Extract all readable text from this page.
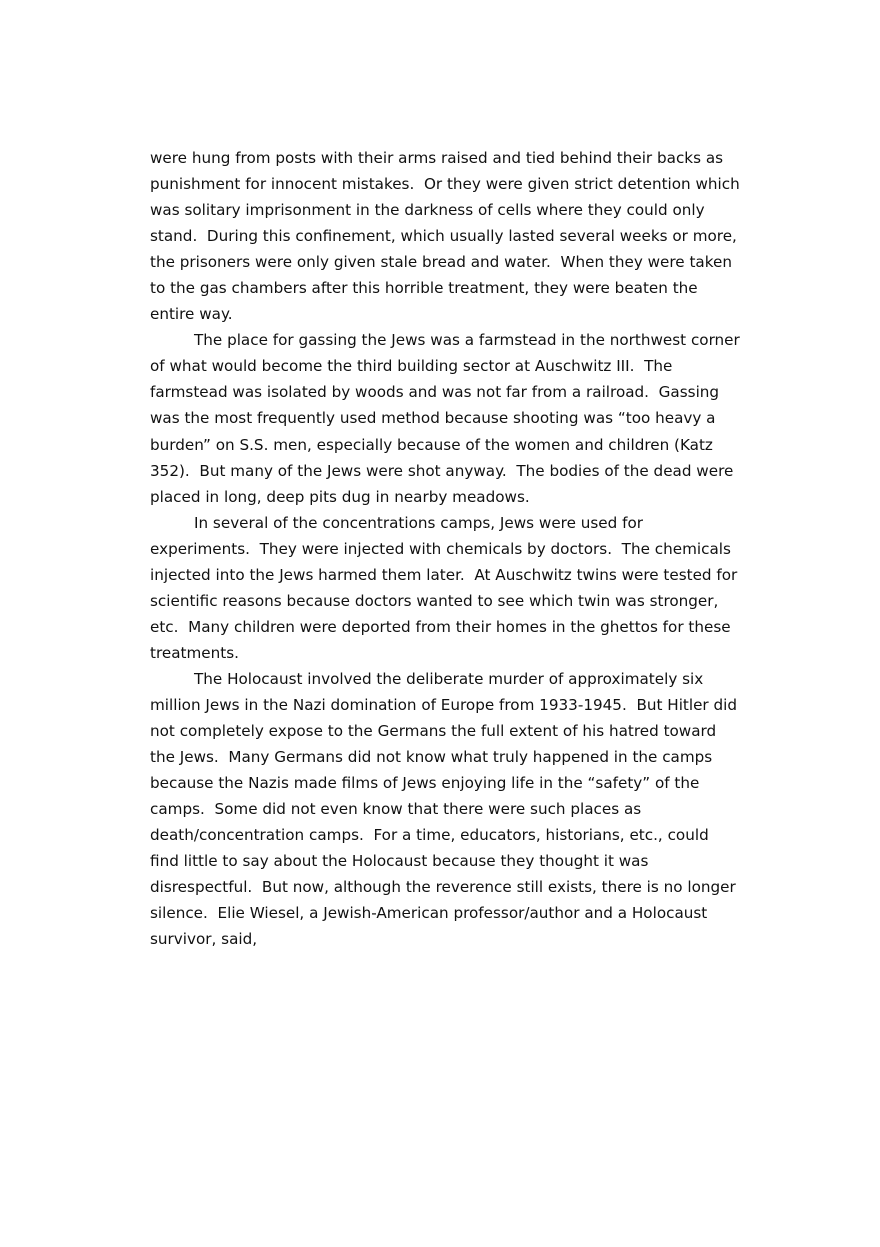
were hung from posts with their arms raised and tied behind their backs as
punishment for innocent mistakes.  Or they were given strict detention which
was solitary imprisonment in the darkness of cells where they could only
stand.  During this confinement, which usually lasted several weeks or more,
the prisoners were only given stale bread and water.  When they were taken
to the gas chambers after this horrible treatment, they were beaten the
entire way.
The place for gassing the Jews was a farmstead in the northwest corner
of what would become the third building sector at Auschwitz III.  The
farmstead was isolated by woods and was not far from a railroad.  Gassing
was the most frequently used method because shooting was “too heavy a
burden” on S.S. men, especially because of the women and children (Katz
352).  But many of the Jews were shot anyway.  The bodies of the dead were
placed in long, deep pits dug in nearby meadows.
In several of the concentrations camps, Jews were used for
experiments.  They were injected with chemicals by doctors.  The chemicals
injected into the Jews harmed them later.  At Auschwitz twins were tested for
scientific reasons because doctors wanted to see which twin was stronger,
etc.  Many children were deported from their homes in the ghettos for these
treatments.
The Holocaust involved the deliberate murder of approximately six
million Jews in the Nazi domination of Europe from 1933-1945.  But Hitler did
not completely expose to the Germans the full extent of his hatred toward
the Jews.  Many Germans did not know what truly happened in the camps
because the Nazis made films of Jews enjoying life in the “safety” of the
camps.  Some did not even know that there were such places as
death/concentration camps.  For a time, educators, historians, etc., could
find little to say about the Holocaust because they thought it was
disrespectful.  But now, although the reverence still exists, there is no longer
silence.  Elie Wiesel, a Jewish-American professor/author and a Holocaust
survivor, said,
